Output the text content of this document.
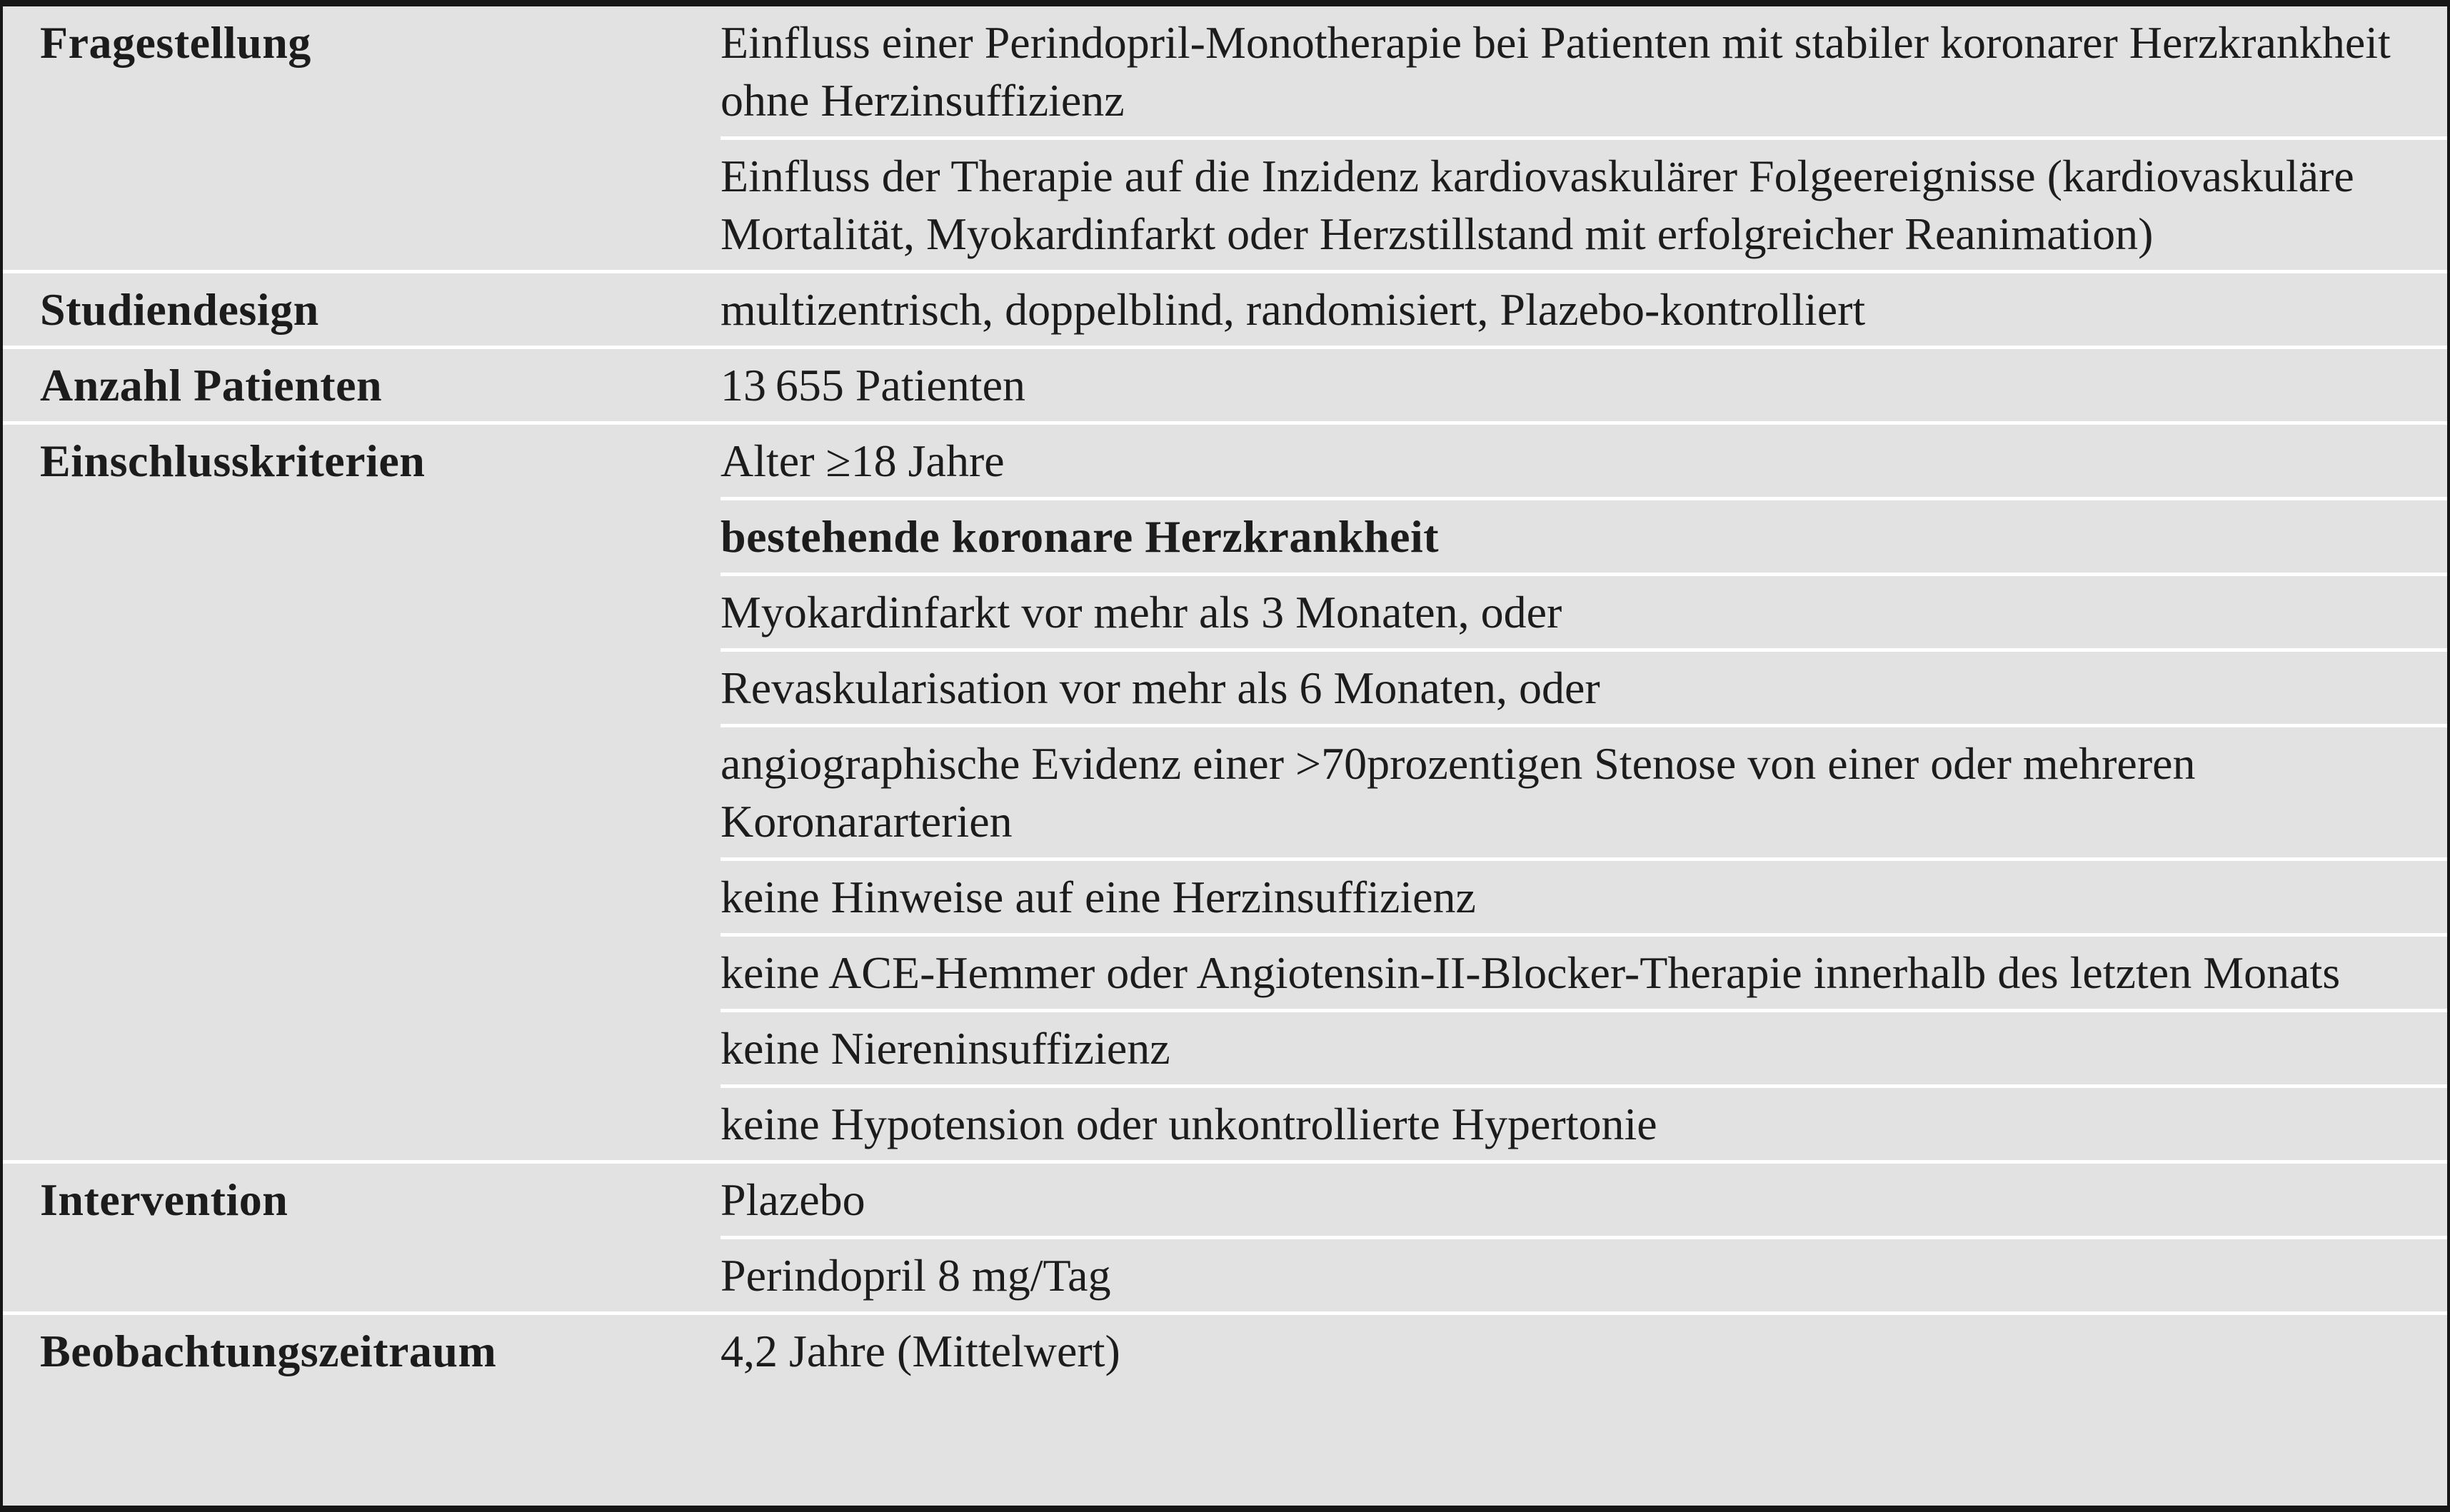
Fragestellung	Einfluss einer Perindopril-Monotherapie bei Patienten mit stabiler koronarer Herzkrankheit ohne Herzinsuffizienz
Einfluss der Therapie auf die Inzidenz kardiovaskulärer Folgeereignisse (kardiovaskuläre Mortalität, Myokardinfarkt oder Herzstillstand mit erfolgreicher Reanimation)
Studiendesign	multizentrisch, doppelblind, randomisiert, Plazebo-kontrolliert
Anzahl Patienten	13 655 Patienten
Einschlusskriterien	Alter ≥18 Jahre
bestehende koronare Herzkrankheit
Myokardinfarkt vor mehr als 3 Monaten, oder
Revaskularisation vor mehr als 6 Monaten, oder
angiographische Evidenz einer >70prozentigen Stenose von einer oder mehreren Koronararterien
keine Hinweise auf eine Herzinsuffizienz
keine ACE-Hemmer oder Angiotensin-II-Blocker-Therapie innerhalb des letzten Monats
keine Niereninsuffizienz
keine Hypotension oder unkontrollierte Hypertonie
Intervention	Plazebo
Perindopril 8 mg/Tag
Beobachtungszeitraum	4,2 Jahre (Mittelwert)
